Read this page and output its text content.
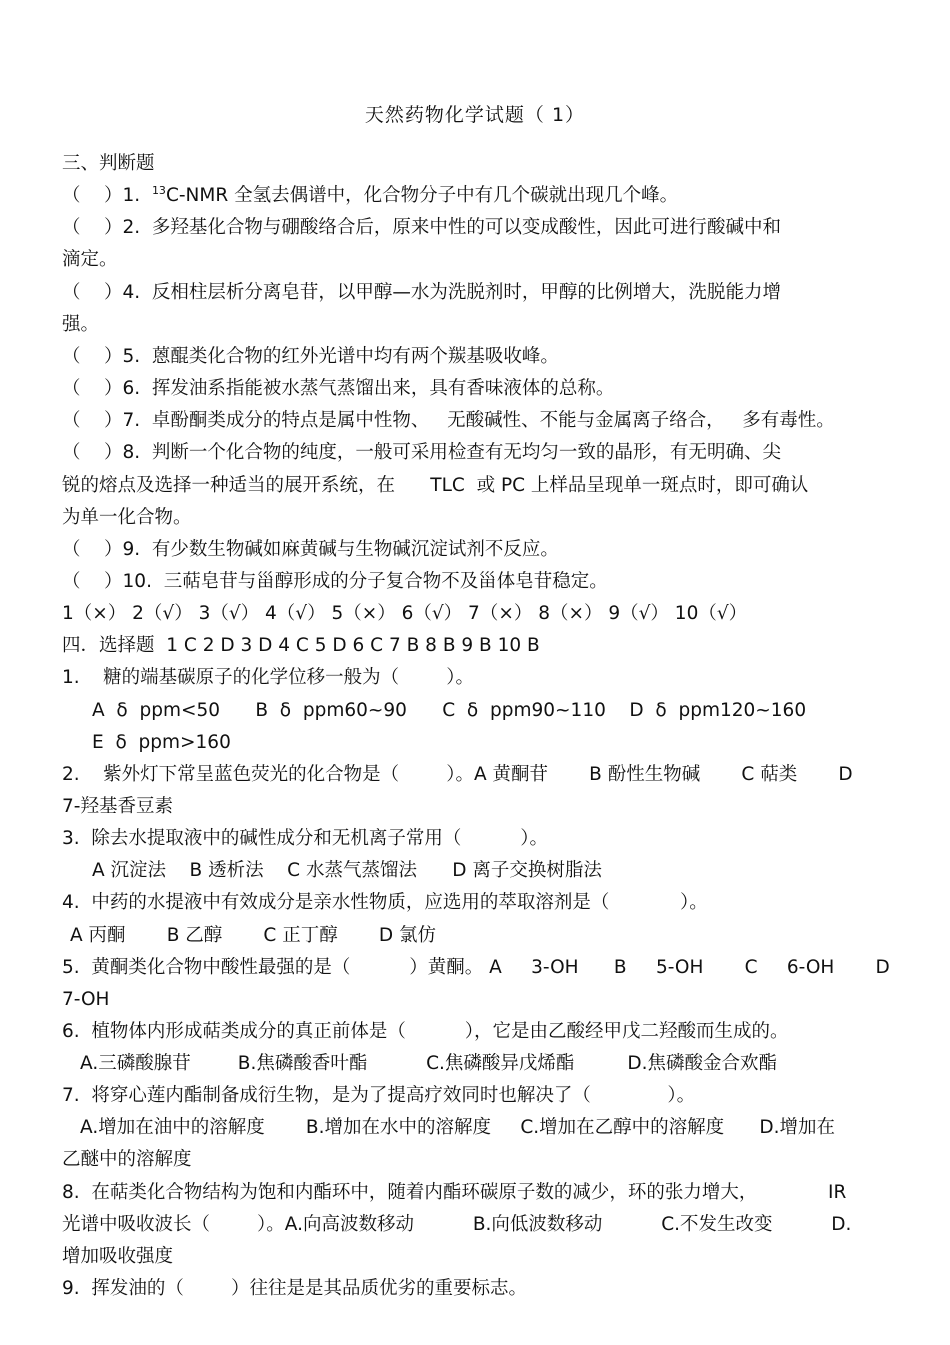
天然药物化学试题（ 1）
三、判断题
（    ）1.  $^{13}$C-NMR 全氢去偶谱中，化合物分子中有几个碳就出现几个峰。
（    ）2.  多羟基化合物与硼酸络合后，原来中性的可以变成酸性，因此可进行酸碱中和
滴定。
（    ）4.  反相柱层析分离皂苷，以甲醇—水为洗脱剂时，甲醇的比例增大，洗脱能力增
强。
（    ）5.  蒽醌类化合物的红外光谱中均有两个羰基吸收峰。
（    ）6.  挥发油系指能被水蒸气蒸馏出来，具有香味液体的总称。
（    ）7.  卓酚酮类成分的特点是属中性物、   无酸碱性、不能与金属离子络合，   多有毒性。
（    ）8.  判断一个化合物的纯度，一般可采用检查有无均匀一致的晶形，有无明确、尖
锐的熔点及选择一种适当的展开系统，在      TLC  或 PC 上样品呈现单一斑点时，即可确认
为单一化合物。
（    ）9.  有少数生物碱如麻黄碱与生物碱沉淀试剂不反应。
（    ）10.  三萜皂苷与甾醇形成的分子复合物不及甾体皂苷稳定。
1（×） 2（√） 3（√） 4（√） 5（×） 6（√） 7（×） 8（×） 9（√） 10（√）
四．选择题  1 C 2 D 3 D 4 C 5 D 6 C 7 B 8 B 9 B 10 B
1.    糖的端基碳原子的化学位移一般为（        ）。
A  δ  ppm<50      B  δ  ppm60~90      C  δ  ppm90~110    D  δ  ppm120~160
E  δ  ppm>160
2.    紫外灯下常呈蓝色荧光的化合物是（        ）。A 黄酮苷       B 酚性生物碱       C 萜类       D
7-羟基香豆素
3.  除去水提取液中的碱性成分和无机离子常用（          ）。
A 沉淀法    B 透析法    C 水蒸气蒸馏法      D 离子交换树脂法
4.  中药的水提液中有效成分是亲水性物质，应选用的萃取溶剂是（            ）。
A 丙酮       B 乙醇       C 正丁醇       D 氯仿
5.  黄酮类化合物中酸性最强的是（          ）黄酮。 A     3-OH      B     5-OH       C     6-OH       D
7-OH
6.  植物体内形成萜类成分的真正前体是（          ），它是由乙酸经甲戊二羟酸而生成的。
A.三磷酸腺苷        B.焦磷酸香叶酯          C.焦磷酸异戊烯酯         D.焦磷酸金合欢酯
7.  将穿心莲内酯制备成衍生物，是为了提高疗效同时也解决了（             ）。
A.增加在油中的溶解度       B.增加在水中的溶解度     C.增加在乙醇中的溶解度      D.增加在
乙醚中的溶解度
8.  在萜类化合物结构为饱和内酯环中，随着内酯环碳原子数的减少，环的张力增大，            IR
光谱中吸收波长（        ）。A.向高波数移动          B.向低波数移动          C.不发生改变          D.
增加吸收强度
9.  挥发油的（        ）往往是是其品质优劣的重要标志。
